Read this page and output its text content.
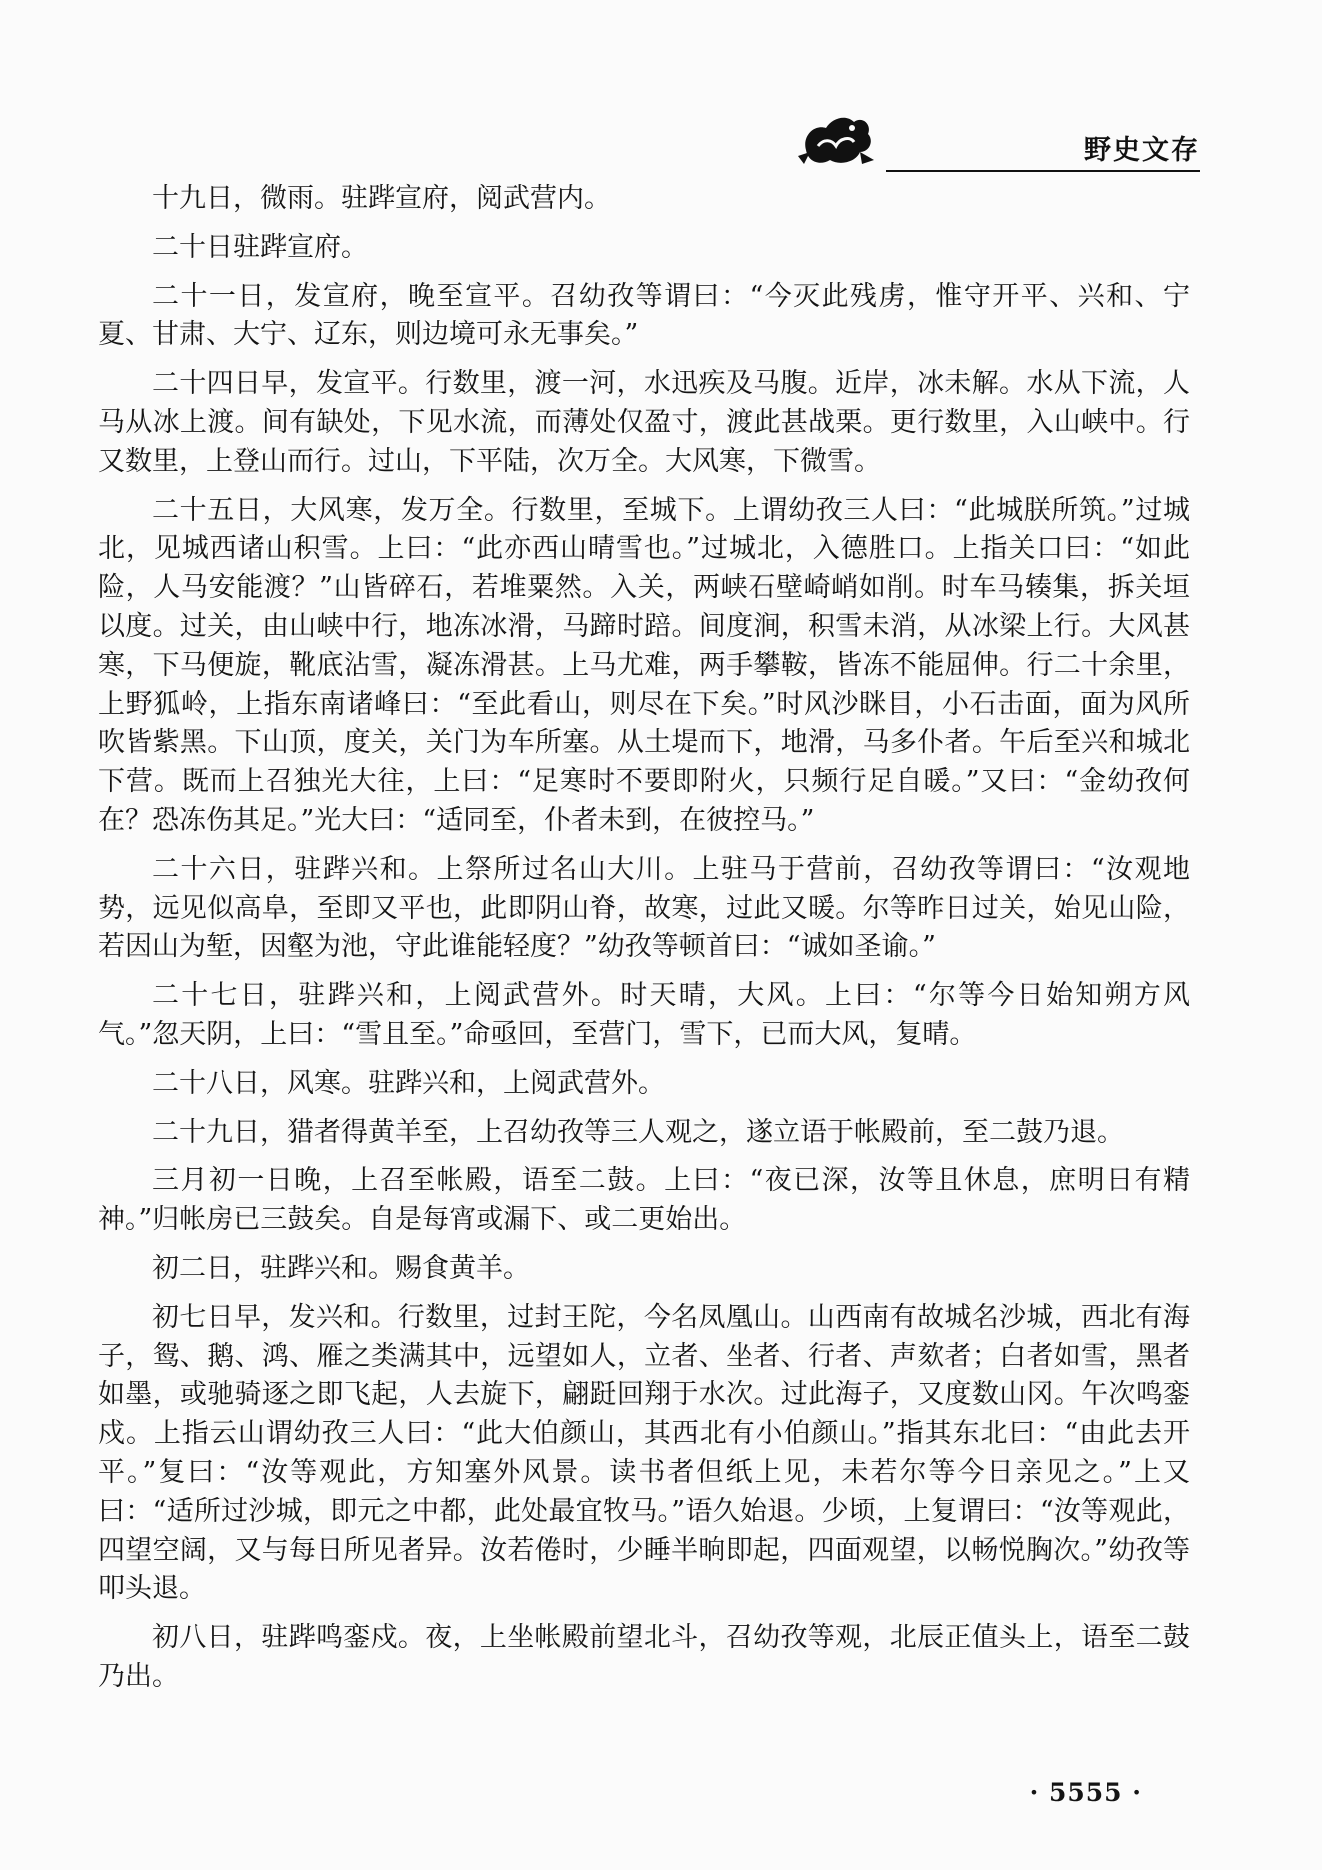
野史文存

十九日，微雨。驻跸宣府，阅武营内。

二十日驻跸宣府。

二十一日，发宣府，晚至宣平。召幼孜等谓曰：“今灭此残虏，惟守开平、兴和、宁夏、甘肃、大宁、辽东，则边境可永无事矣。”

二十四日早，发宣平。行数里，渡一河，水迅疾及马腹。近岸，冰未解。水从下流，人马从冰上渡。间有缺处，下见水流，而薄处仅盈寸，渡此甚战栗。更行数里，入山峡中。行又数里，上登山而行。过山，下平陆，次万全。大风寒，下微雪。

二十五日，大风寒，发万全。行数里，至城下。上谓幼孜三人曰：“此城朕所筑。”过城北，见城西诸山积雪。上曰：“此亦西山晴雪也。”过城北，入德胜口。上指关口曰：“如此险，人马安能渡？”山皆碎石，若堆粟然。入关，两峡石壁崎峭如削。时车马辏集，拆关垣以度。过关，由山峡中行，地冻冰滑，马蹄时踣。间度涧，积雪未消，从冰梁上行。大风甚寒，下马便旋，靴底沾雪，凝冻滑甚。上马尤难，两手攀鞍，皆冻不能屈伸。行二十余里，上野狐岭，上指东南诸峰曰：“至此看山，则尽在下矣。”时风沙眯目，小石击面，面为风所吹皆紫黑。下山顶，度关，关门为车所塞。从土堤而下，地滑，马多仆者。午后至兴和城北下营。既而上召独光大往，上曰：“足寒时不要即附火，只频行足自暖。”又曰：“金幼孜何在？恐冻伤其足。”光大曰：“适同至，仆者未到，在彼控马。”

二十六日，驻跸兴和。上祭所过名山大川。上驻马于营前，召幼孜等谓曰：“汝观地势，远见似高阜，至即又平也，此即阴山脊，故寒，过此又暖。尔等昨日过关，始见山险，若因山为堑，因壑为池，守此谁能轻度？”幼孜等顿首曰：“诚如圣谕。”

二十七日，驻跸兴和，上阅武营外。时天晴，大风。上曰：“尔等今日始知朔方风气。”忽天阴，上曰：“雪且至。”命亟回，至营门，雪下，已而大风，复晴。

二十八日，风寒。驻跸兴和，上阅武营外。

二十九日，猎者得黄羊至，上召幼孜等三人观之，遂立语于帐殿前，至二鼓乃退。

三月初一日晚，上召至帐殿，语至二鼓。上曰：“夜已深，汝等且休息，庶明日有精神。”归帐房已三鼓矣。自是每宵或漏下、或二更始出。

初二日，驻跸兴和。赐食黄羊。

初七日早，发兴和。行数里，过封王陀，今名凤凰山。山西南有故城名沙城，西北有海子，鸳、鹅、鸿、雁之类满其中，远望如人，立者、坐者、行者、声欬者；白者如雪，黑者如墨，或驰骑逐之即飞起，人去旋下，翩跹回翔于水次。过此海子，又度数山冈。午次鸣銮戍。上指云山谓幼孜三人曰：“此大伯颜山，其西北有小伯颜山。”指其东北曰：“由此去开平。”复曰：“汝等观此，方知塞外风景。读书者但纸上见，未若尔等今日亲见之。”上又曰：“适所过沙城，即元之中都，此处最宜牧马。”语久始退。少顷，上复谓曰：“汝等观此，四望空阔，又与每日所见者异。汝若倦时，少睡半晌即起，四面观望，以畅悦胸次。”幼孜等叩头退。

初八日，驻跸鸣銮戍。夜，上坐帐殿前望北斗，召幼孜等观，北辰正值头上，语至二鼓乃出。

· 5555 ·
